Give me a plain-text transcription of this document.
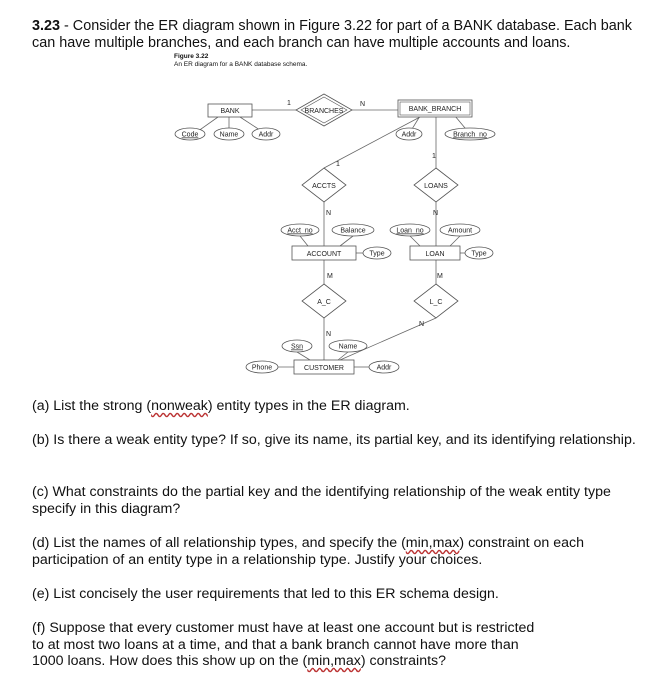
3.23 - Consider the ER diagram shown in Figure 3.22 for part of a BANK database. Each bank can have multiple branches, and each branch can have multiple accounts and loans.
Figure 3.22
An ER diagram for a BANK database schema.
BANK	BANK_BRANCH
ACCOUNT	LOAN
CUSTOMER
BRANCHES
ACCTS	LOANS
A_C	L_C
Code	Name	Addr	Addr	Branch_no
Acct_no	Balance
Type
Loan_no	Amount
Type
Ssn	Name
Phone	Addr
1	N
1
N
1
N
M
N
M
N
(a) List the strong (nonweak) entity types in the ER diagram.
(b) Is there a weak entity type? If so, give its name, its partial key, and its identifying relationship.
(c) What constraints do the partial key and the identifying relationship of the weak entity type specify in this diagram?
(d) List the names of all relationship types, and specify the (min,max) constraint on each participation of an entity type in a relationship type. Justify your choices.
(e) List concisely the user requirements that led to this ER schema design.
(f) Suppose that every customer must have at least one account but is restricted
to at most two loans at a time, and that a bank branch cannot have more than
1000 loans. How does this show up on the (min,max) constraints?
